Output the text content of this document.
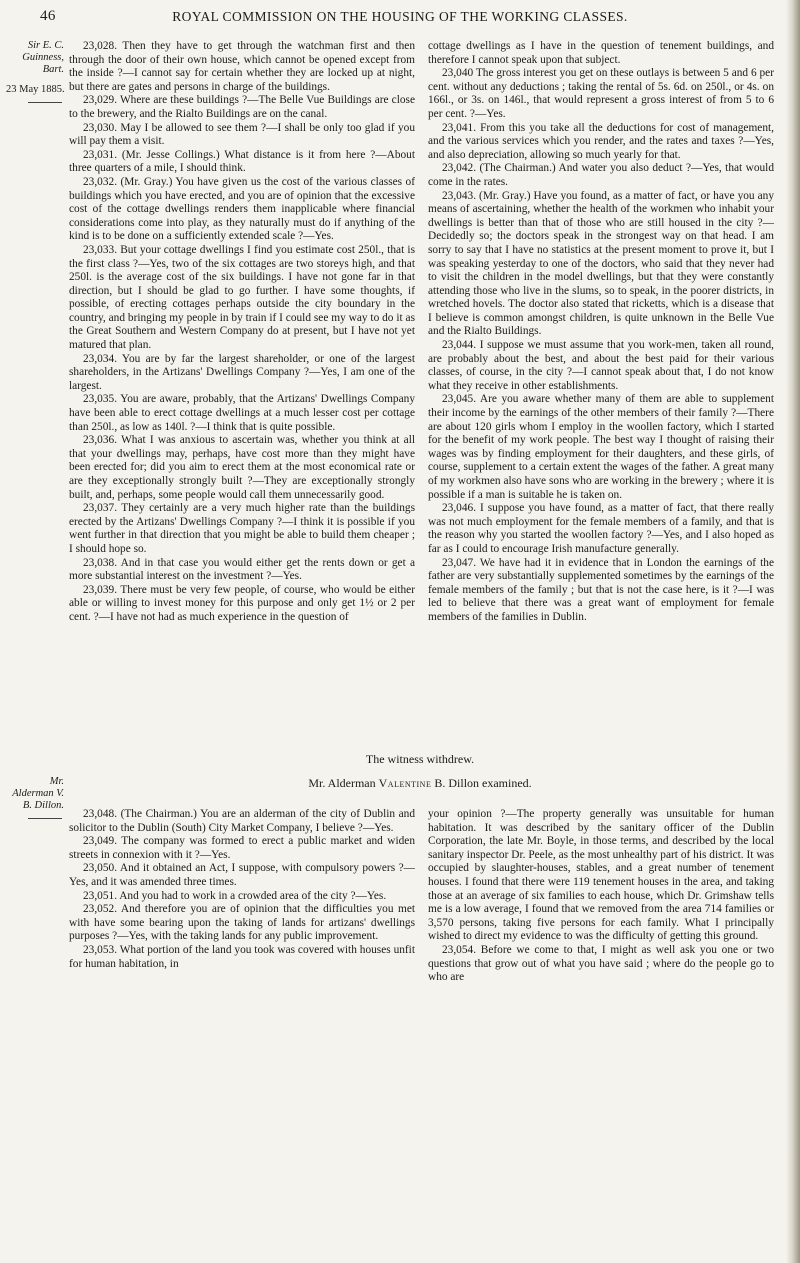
46	ROYAL COMMISSION ON THE HOUSING OF THE WORKING CLASSES.
Sir E. C. Guinness, Bart.
23 May 1885.

23,028. Then they have to get through the watchman first and then through the door of their own house, which cannot be opened except from the inside ?—I cannot say for certain whether they are locked up at night, but there are gates and persons in charge of the buildings.

23,029. Where are these buildings ?—The Belle Vue Buildings are close to the brewery, and the Rialto Buildings are on the canal.

23,030. May I be allowed to see them ?—I shall be only too glad if you will pay them a visit.

23,031. (Mr. Jesse Collings.) What distance is it from here ?—About three quarters of a mile, I should think.

23,032. (Mr. Gray.) You have given us the cost of the various classes of buildings which you have erected, and you are of opinion that the excessive cost of the cottage dwellings renders them inapplicable where financial considerations come into play, as they naturally must do if anything of the kind is to be done on a sufficiently extended scale ?—Yes.

23,033. But your cottage dwellings I find you estimate cost 250l., that is the first class ?—Yes, two of the six cottages are two storeys high, and that 250l. is the average cost of the six buildings. I have not gone far in that direction, but I should be glad to go further. I have some thoughts, if possible, of erecting cottages perhaps outside the city boundary in the country, and bringing my people in by train if I could see my way to do it as the Great Southern and Western Company do at present, but I have not yet matured that plan.

23,034. You are by far the largest shareholder, or one of the largest shareholders, in the Artizans' Dwellings Company ?—Yes, I am one of the largest.

23,035. You are aware, probably, that the Artizans' Dwellings Company have been able to erect cottage dwellings at a much lesser cost per cottage than 250l., as low as 140l. ?—I think that is quite possible.

23,036. What I was anxious to ascertain was, whether you think at all that your dwellings may, perhaps, have cost more than they might have been erected for; did you aim to erect them at the most economical rate or are they exceptionally strongly built ?—They are exceptionally strongly built, and, perhaps, some people would call them unnecessarily good.

23,037. They certainly are a very much higher rate than the buildings erected by the Artizans' Dwellings Company ?—I think it is possible if you went further in that direction that you might be able to build them cheaper ; I should hope so.

23,038. And in that case you would either get the rents down or get a more substantial interest on the investment ?—Yes.

23,039. There must be very few people, of course, who would be either able or willing to invest money for this purpose and only get 1½ or 2 per cent. ?—I have not had as much experience in the question of

cottage dwellings as I have in the question of tenement buildings, and therefore I cannot speak upon that subject.

23,040 The gross interest you get on these outlays is between 5 and 6 per cent. without any deductions ; taking the rental of 5s. 6d. on 250l., or 4s. on 166l., or 3s. on 146l., that would represent a gross interest of from 5 to 6 per cent. ?—Yes.

23,041. From this you take all the deductions for cost of management, and the various services which you render, and the rates and taxes ?—Yes, and also depreciation, allowing so much yearly for that.

23,042. (The Chairman.) And water you also deduct ?—Yes, that would come in the rates.

23,043. (Mr. Gray.) Have you found, as a matter of fact, or have you any means of ascertaining, whether the health of the workmen who inhabit your dwellings is better than that of those who are still housed in the city ?—Decidedly so; the doctors speak in the strongest way on that head. I am sorry to say that I have no statistics at the present moment to prove it, but I was speaking yesterday to one of the doctors, who said that they never had to visit the children in the model dwellings, but that they were constantly attending those who live in the slums, so to speak, in the poorer districts, in wretched hovels. The doctor also stated that ricketts, which is a disease that I believe is common amongst children, is quite unknown in the Belle Vue and the Rialto Buildings.

23,044. I suppose we must assume that you work-men, taken all round, are probably about the best, and about the best paid for their various classes, of course, in the city ?—I cannot speak about that, I do not know what they receive in other establishments.

23,045. Are you aware whether many of them are able to supplement their income by the earnings of the other members of their family ?—There are about 120 girls whom I employ in the woollen factory, which I started for the benefit of my work people. The best way I thought of raising their wages was by finding employment for their daughters, and these girls, of course, supplement to a certain extent the wages of the father. A great many of my workmen also have sons who are working in the brewery ; where it is possible if a man is suitable he is taken on.

23,046. I suppose you have found, as a matter of fact, that there really was not much employment for the female members of a family, and that is the reason why you started the woollen factory ?—Yes, and I also hoped as far as I could to encourage Irish manufacture generally.

23,047. We have had it in evidence that in London the earnings of the father are very substantially supplemented sometimes by the earnings of the female members of the family ; but that is not the case here, is it ?—I was led to believe that there was a great want of employment for female members of the families in Dublin.

The witness withdrew.
Mr. Alderman V. B. Dillon.
Mr. Alderman Valentine B. Dillon examined.

23,048. (The Chairman.) You are an alderman of the city of Dublin and solicitor to the Dublin (South) City Market Company, I believe ?—Yes.

23,049. The company was formed to erect a public market and widen streets in connexion with it ?—Yes.

23,050. And it obtained an Act, I suppose, with compulsory powers ?—Yes, and it was amended three times.

23,051. And you had to work in a crowded area of the city ?—Yes.

23,052. And therefore you are of opinion that the difficulties you met with have some bearing upon the taking of lands for artizans' dwellings purposes ?—Yes, with the taking lands for any public improvement.

23,053. What portion of the land you took was covered with houses unfit for human habitation, in

your opinion ?—The property generally was unsuitable for human habitation. It was described by the sanitary officer of the Dublin Corporation, the late Mr. Boyle, in those terms, and described by the local sanitary inspector Dr. Peele, as the most unhealthy part of his district. It was occupied by slaughter-houses, stables, and a great number of tenement houses. I found that there were 119 tenement houses in the area, and taking those at an average of six families to each house, which Dr. Grimshaw tells me is a low average, I found that we removed from the area 714 families or 3,570 persons, taking five persons for each family. What I principally wished to direct my evidence to was the difficulty of getting this ground.

23,054. Before we come to that, I might as well ask you one or two questions that grow out of what you have said ; where do the people go to who are
